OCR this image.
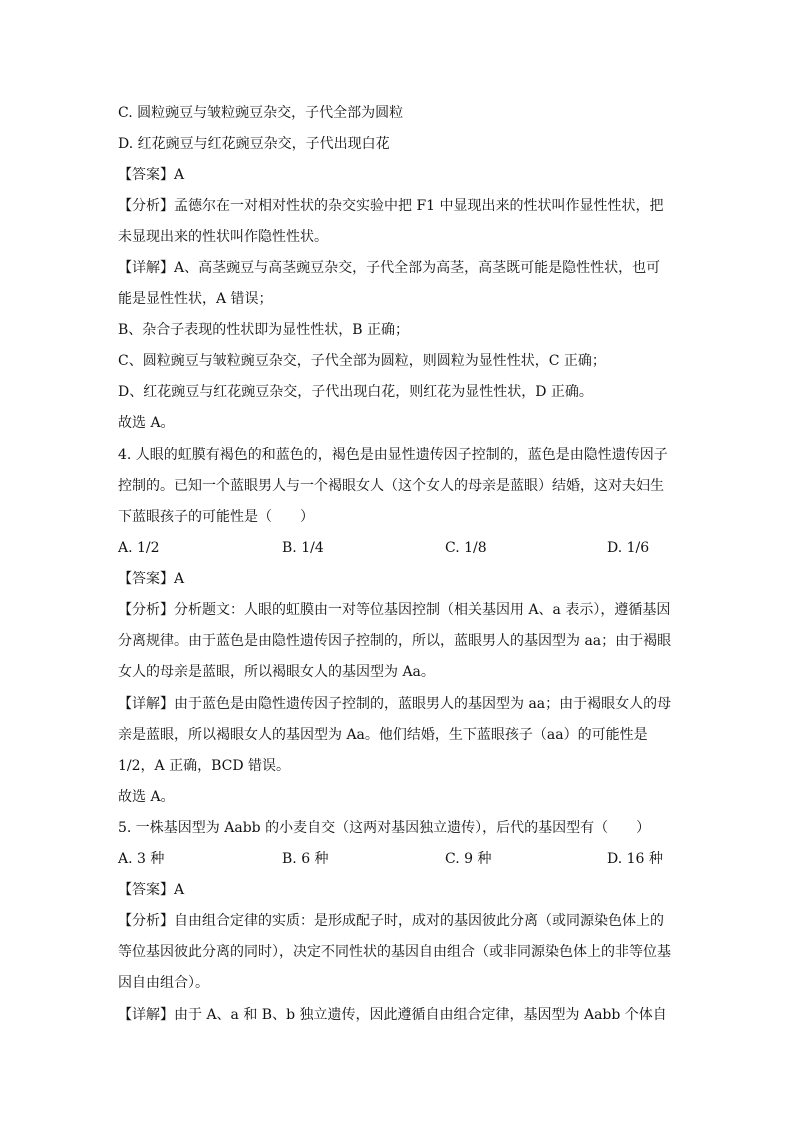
C. 圆粒豌豆与皱粒豌豆杂交，子代全部为圆粒
D. 红花豌豆与红花豌豆杂交，子代出现白花
【答案】A
【分析】孟德尔在一对相对性状的杂交实验中把 F1 中显现出来的性状叫作显性性状，把
未显现出来的性状叫作隐性性状。
【详解】A、高茎豌豆与高茎豌豆杂交，子代全部为高茎，高茎既可能是隐性性状，也可
能是显性性状，A 错误；
B、杂合子表现的性状即为显性性状，B 正确；
C、圆粒豌豆与皱粒豌豆杂交，子代全部为圆粒，则圆粒为显性性状，C 正确；
D、红花豌豆与红花豌豆杂交，子代出现白花，则红花为显性性状，D 正确。
故选 A。
4. 人眼的虹膜有褐色的和蓝色的，褐色是由显性遗传因子控制的，蓝色是由隐性遗传因子
控制的。已知一个蓝眼男人与一个褐眼女人（这个女人的母亲是蓝眼）结婚，这对夫妇生
下蓝眼孩子的可能性是（　　）
A. 1/2	B. 1/4	C. 1/8	D. 1/6
【答案】A
【分析】分析题文：人眼的虹膜由一对等位基因控制（相关基因用 A、a 表示），遵循基因
分离规律。由于蓝色是由隐性遗传因子控制的，所以，蓝眼男人的基因型为 aa；由于褐眼
女人的母亲是蓝眼，所以褐眼女人的基因型为 Aa。
【详解】由于蓝色是由隐性遗传因子控制的，蓝眼男人的基因型为 aa；由于褐眼女人的母
亲是蓝眼，所以褐眼女人的基因型为 Aa。他们结婚，生下蓝眼孩子（aa）的可能性是
1/2，A 正确，BCD 错误。
故选 A。
5. 一株基因型为 Aabb 的小麦自交（这两对基因独立遗传），后代的基因型有（　　）
A. 3 种	B. 6 种	C. 9 种	D. 16 种
【答案】A
【分析】自由组合定律的实质：是形成配子时，成对的基因彼此分离（或同源染色体上的
等位基因彼此分离的同时），决定不同性状的基因自由组合（或非同源染色体上的非等位基
因自由组合）。
【详解】由于 A、a 和 B、b 独立遗传，因此遵循自由组合定律，基因型为 Aabb 个体自
